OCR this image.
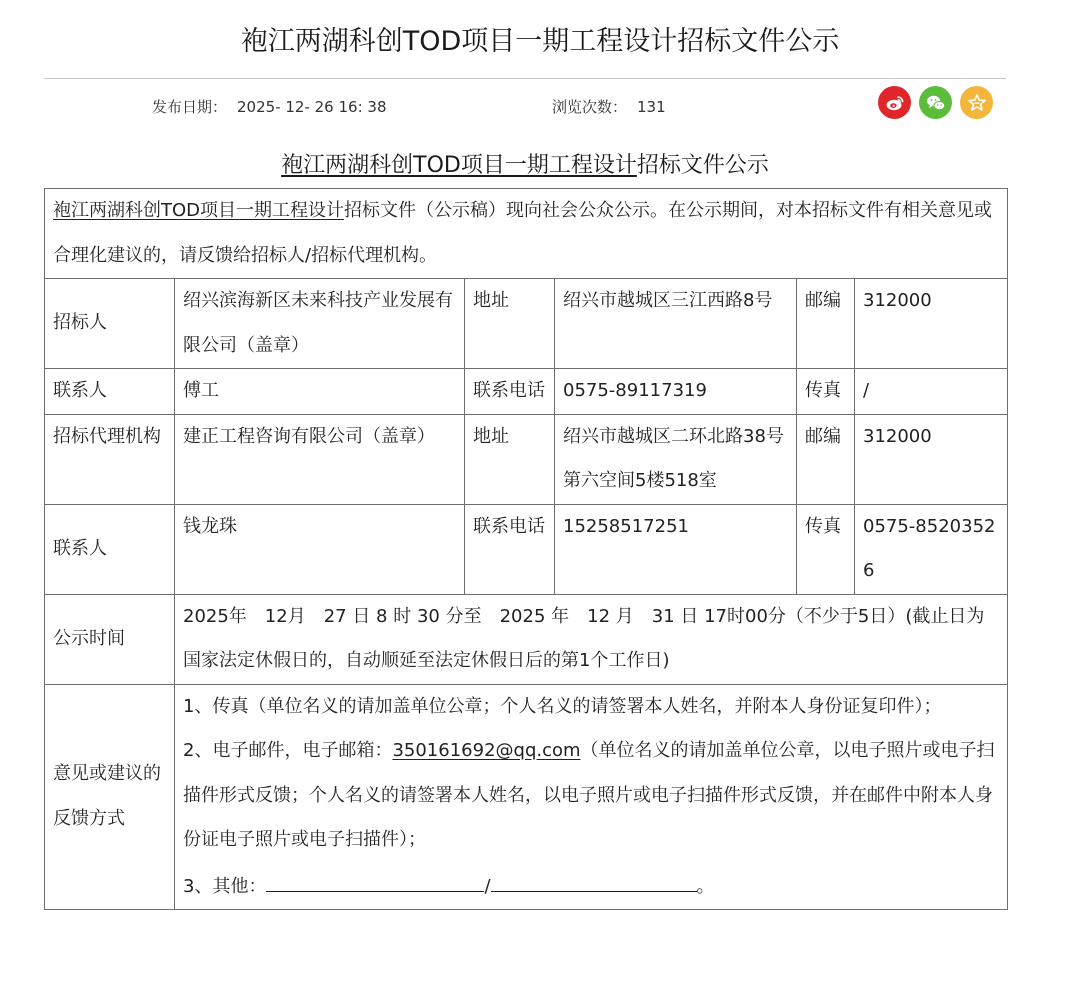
袍江两湖科创TOD项目一期工程设计招标文件公示
发布日期： 2025- 12- 26 16: 38	浏览次数： 131
袍江两湖科创TOD项目一期工程设计招标文件公示
袍江两湖科创TOD项目一期工程设计招标文件（公示稿）现向社会公众公示。在公示期间，对本招标文件有相关意见或合理化建议的，请反馈给招标人/招标代理机构。					
招标人	绍兴滨海新区未来科技产业发展有限公司（盖章）	地址	绍兴市越城区三江西路8号	邮编	312000
联系人	傅工	联系电话	0575-89117319	传真	/
招标代理机构	建正工程咨询有限公司（盖章）	地址	绍兴市越城区二环北路38号第六空间5楼518室	邮编	312000
联系人	钱龙珠	联系电话	15258517251	传真	0575-85203526
公示时间	2025年　12月　27 日 8 时 30 分至　2025 年　12 月　31 日 17时00分（不少于5日）(截止日为国家法定休假日的，自动顺延至法定休假日后的第1个工作日)				
意见或建议的反馈方式	1、传真（单位名义的请加盖单位公章；个人名义的请签署本人姓名，并附本人身份证复印件）；
2、电子邮件，电子邮箱：350161692@qq.com（单位名义的请加盖单位公章，以电子照片或电子扫描件形式反馈；个人名义的请签署本人姓名，以电子照片或电子扫描件形式反馈，并在邮件中附本人身份证电子照片或电子扫描件）；
3、其他： / 。				
